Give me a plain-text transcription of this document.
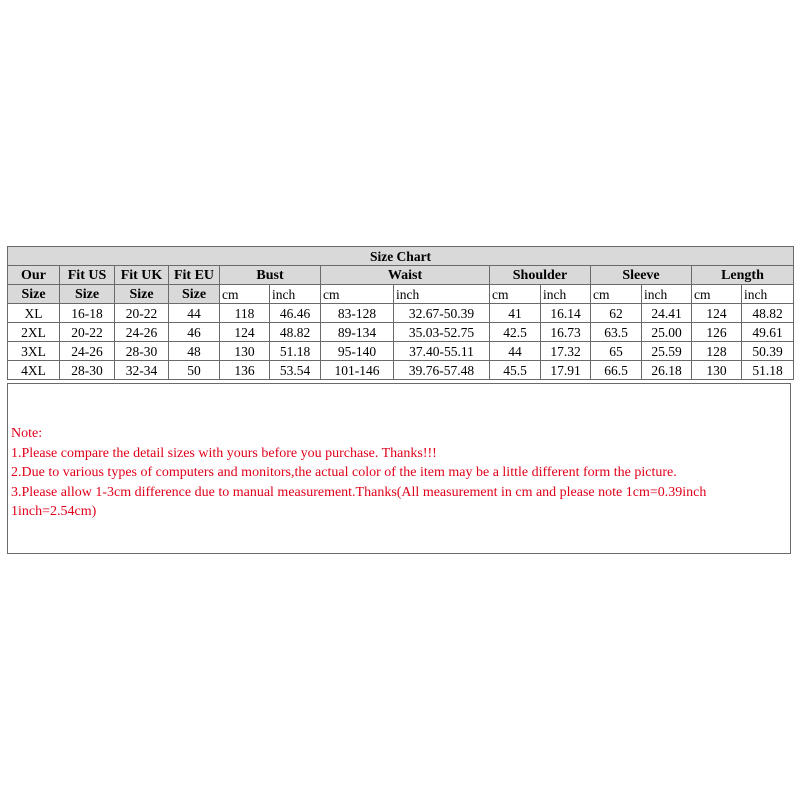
Size Chart													
Our	Fit US	Fit UK	Fit EU	Bust		Waist		Shoulder		Sleeve		Length	
Size	Size	Size	Size	cm	inch	cm	inch	cm	inch	cm	inch	cm	inch
XL	16-18	20-22	44	118	46.46	83-128	32.67-50.39	41	16.14	62	24.41	124	48.82
2XL	20-22	24-26	46	124	48.82	89-134	35.03-52.75	42.5	16.73	63.5	25.00	126	49.61
3XL	24-26	28-30	48	130	51.18	95-140	37.40-55.11	44	17.32	65	25.59	128	50.39
4XL	28-30	32-34	50	136	53.54	101-146	39.76-57.48	45.5	17.91	66.5	26.18	130	51.18
Note:
1.Please compare the detail sizes with yours before you purchase. Thanks!!!
2.Due to various types of computers and monitors,the actual color of the item may be a little different form the picture.
3.Please allow 1-3cm difference due to manual measurement.Thanks(All measurement in cm and please note 1cm=0.39inch
1inch=2.54cm)
